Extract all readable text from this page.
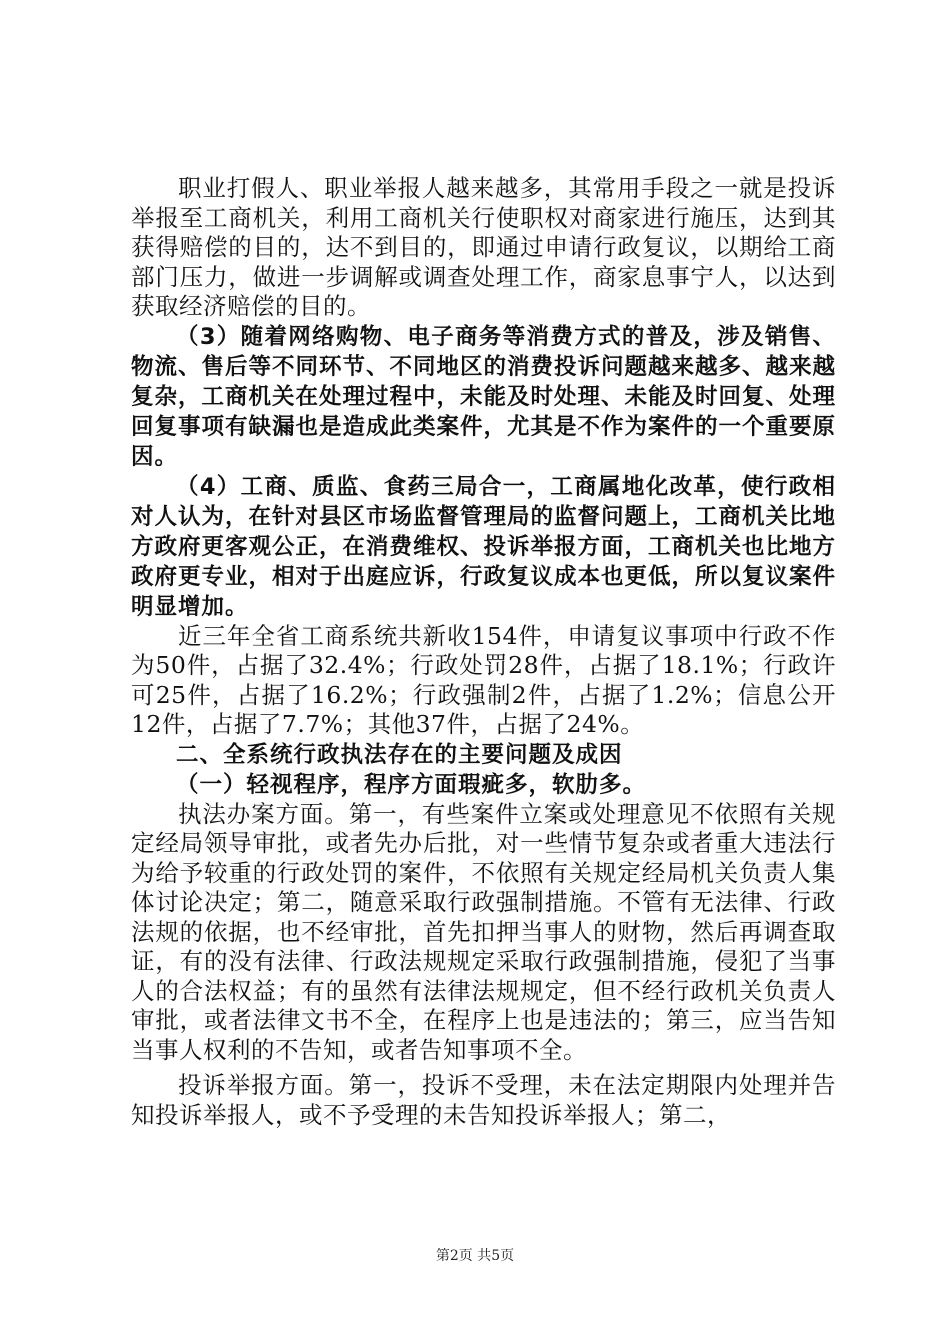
职业打假人、职业举报人越来越多，其常用手段之一就是投诉举报至工商机关，利用工商机关行使职权对商家进行施压，达到其获得赔偿的目的，达不到目的，即通过申请行政复议，以期给工商部门压力，做进一步调解或调查处理工作，商家息事宁人，以达到获取经济赔偿的目的。

（3）随着网络购物、电子商务等消费方式的普及，涉及销售、物流、售后等不同环节、不同地区的消费投诉问题越来越多、越来越复杂，工商机关在处理过程中，未能及时处理、未能及时回复、处理回复事项有缺漏也是造成此类案件，尤其是不作为案件的一个重要原因。

（4）工商、质监、食药三局合一，工商属地化改革，使行政相对人认为，在针对县区市场监督管理局的监督问题上，工商机关比地方政府更客观公正，在消费维权、投诉举报方面，工商机关也比地方政府更专业，相对于出庭应诉，行政复议成本也更低，所以复议案件明显增加。

近三年全省工商系统共新收154件，申请复议事项中行政不作为50件，占据了32.4%；行政处罚28件，占据了18.1%；行政许可25件，占据了16.2%；行政强制2件，占据了1.2%；信息公开12件，占据了7.7%；其他37件，占据了24%。

二、全系统行政执法存在的主要问题及成因

（一）轻视程序，程序方面瑕疵多，软肋多。

执法办案方面。第一，有些案件立案或处理意见不依照有关规定经局领导审批，或者先办后批，对一些情节复杂或者重大违法行为给予较重的行政处罚的案件，不依照有关规定经局机关负责人集体讨论决定；第二，随意采取行政强制措施。不管有无法律、行政法规的依据，也不经审批，首先扣押当事人的财物，然后再调查取证，有的没有法律、行政法规规定采取行政强制措施，侵犯了当事人的合法权益；有的虽然有法律法规规定，但不经行政机关负责人审批，或者法律文书不全，在程序上也是违法的；第三，应当告知当事人权利的不告知，或者告知事项不全。

投诉举报方面。第一，投诉不受理，未在法定期限内处理并告知投诉举报人，或不予受理的未告知投诉举报人；第二，

第2页 共5页
